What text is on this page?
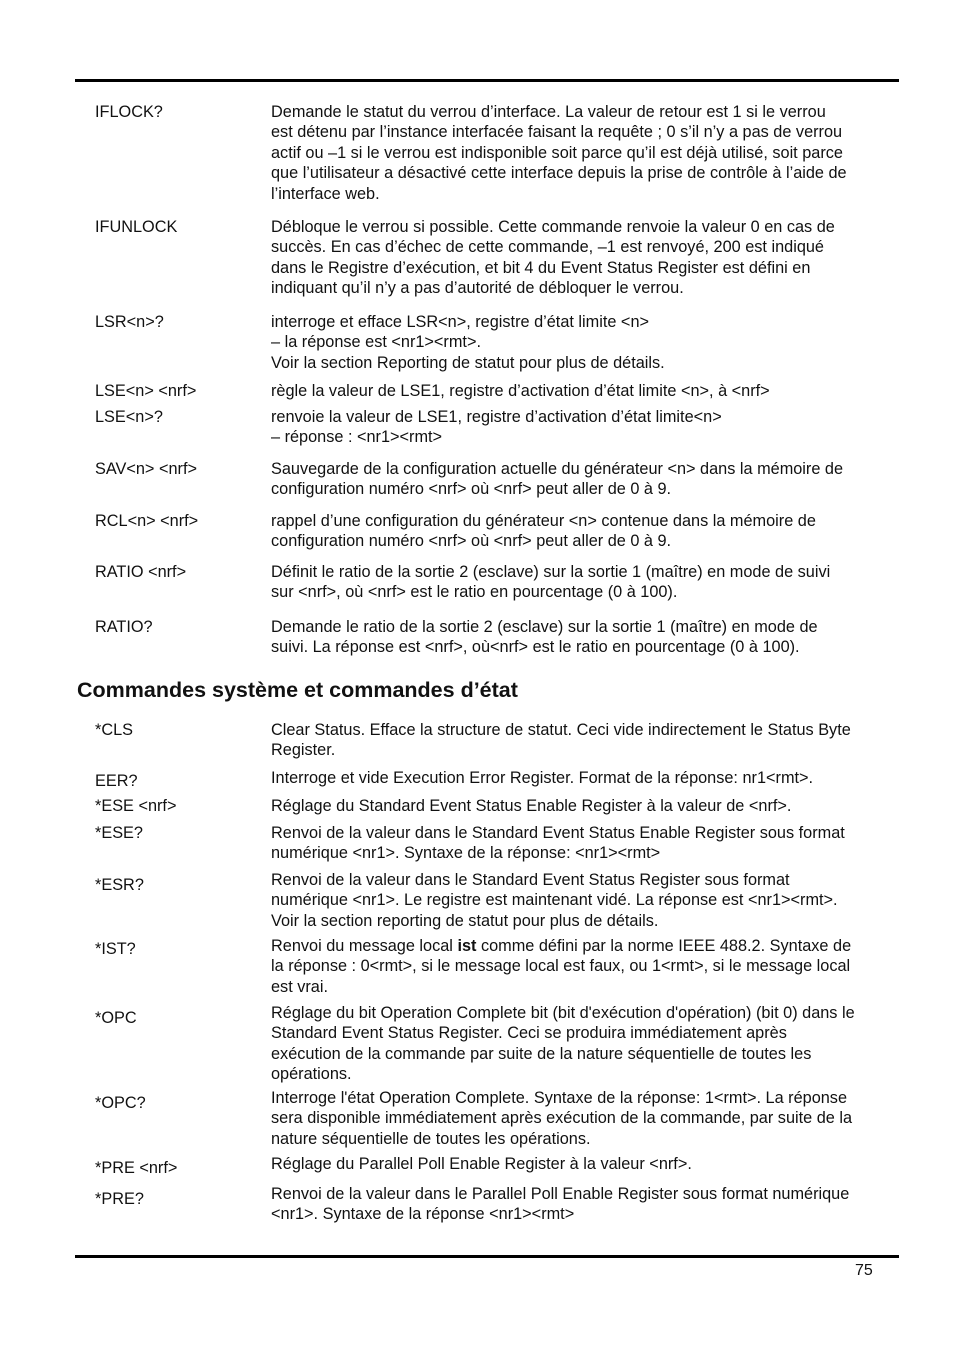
IFLOCK?	Demande le statut du verrou d’interface. La valeur de retour est 1 si le verrou
est détenu par l’instance interfacée faisant la requête ; 0 s’il n’y a pas de verrou
actif ou –1 si le verrou est indisponible soit parce qu’il est déjà utilisé, soit parce
que l’utilisateur a désactivé cette interface depuis la prise de contrôle à l’aide de
l’interface web.
IFUNLOCK	Débloque le verrou si possible. Cette commande renvoie la valeur 0 en cas de
succès. En cas d’échec de cette commande, –1 est renvoyé, 200 est indiqué
dans le Registre d’exécution, et bit 4 du Event Status Register est défini en
indiquant qu’il n’y a pas d’autorité de débloquer le verrou.
LSR<n>?	interroge et efface LSR<n>, registre d’état limite <n>
– la réponse est <nr1><rmt>.
Voir la section Reporting de statut pour plus de détails.
LSE<n> <nrf>	règle la valeur de LSE1, registre d’activation d’état limite <n>, à <nrf>
LSE<n>?	renvoie la valeur de LSE1, registre d’activation d’état limite<n>
– réponse : <nr1><rmt>
SAV<n> <nrf>	Sauvegarde de la configuration actuelle du générateur <n> dans la mémoire de
configuration numéro <nrf> où <nrf> peut aller de 0 à 9.
RCL<n> <nrf>	rappel d’une configuration du générateur <n> contenue dans la mémoire de
configuration numéro <nrf> où <nrf> peut aller de 0 à 9.
RATIO <nrf>	Définit le ratio de la sortie 2 (esclave) sur la sortie 1 (maître) en mode de suivi
sur <nrf>, où <nrf> est le ratio en pourcentage (0 à 100).
RATIO?	Demande le ratio de la sortie 2 (esclave) sur la sortie 1 (maître) en mode de
suivi. La réponse est <nrf>, où<nrf> est le ratio en pourcentage (0 à 100).
Commandes système et commandes d’état
*CLS	Clear Status. Efface la structure de statut. Ceci vide indirectement le Status Byte
Register.
EER?	Interroge et vide Execution Error Register. Format de la réponse: nr1<rmt>.
*ESE <nrf>	Réglage du Standard Event Status Enable Register à la valeur de <nrf>.
*ESE?	Renvoi de la valeur dans le Standard Event Status Enable Register sous format
numérique <nr1>. Syntaxe de la réponse: <nr1><rmt>
*ESR?	Renvoi de la valeur dans le Standard Event Status Register sous format
numérique <nr1>. Le registre est maintenant vidé. La réponse est <nr1><rmt>.
Voir la section reporting de statut pour plus de détails.
*IST?	Renvoi du message local ist comme défini par la norme IEEE 488.2. Syntaxe de
la réponse : 0<rmt>, si le message local est faux, ou 1<rmt>, si le message local
est vrai.
*OPC	Réglage du bit Operation Complete bit (bit d'exécution d'opération) (bit 0) dans le
Standard Event Status Register. Ceci se produira immédiatement après
exécution de la commande par suite de la nature séquentielle de toutes les
opérations.
*OPC?	Interroge l'état Operation Complete. Syntaxe de la réponse: 1<rmt>. La réponse
sera disponible immédiatement après exécution de la commande, par suite de la
nature séquentielle de toutes les opérations.
*PRE <nrf>	Réglage du Parallel Poll Enable Register à la valeur <nrf>.
*PRE?	Renvoi de la valeur dans le Parallel Poll Enable Register sous format numérique
<nr1>. Syntaxe de la réponse <nr1><rmt>
75
